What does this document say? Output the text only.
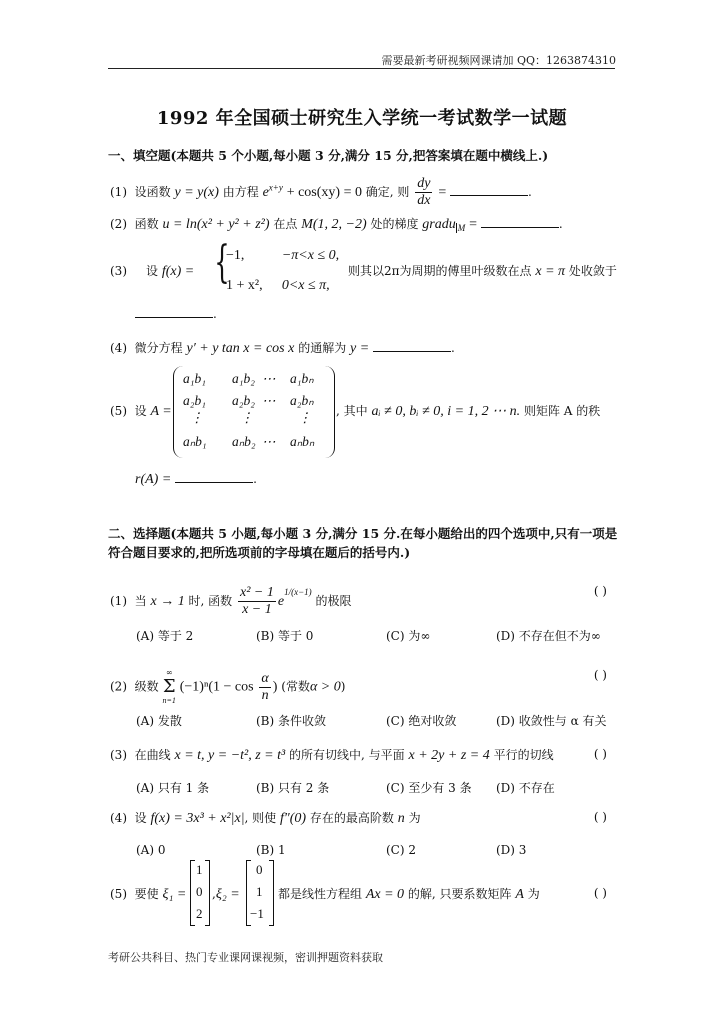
需要最新考研视频网课请加 QQ：1263874310
1992 年全国硕士研究生入学统一考试数学一试题
一、填空题(本题共 5 个小题,每小题 3 分,满分 15 分,把答案填在题中横线上.)
(1) 设函数 y = y(x) 由方程 $e^{x+y} + \cos(xy) = 0$ 确定, 则 $\frac{dy}{dx}$ =	.
(2) 函数 u = ln(x² + y² + z²) 在点 M(1, 2, −2) 处的梯度 gradu $_M$ =	.
(3) 设 f(x) = {
−1,	−π<x ≤ 0,
1 + x², 0<x ≤ π,
则其以2π为周期的傅里叶级数在点 x = π 处收敛于
.
(4) 微分方程 y′ + y tan x = cos x 的通解为 y =	.
(5) 设 A =
a₁b₁ a₁b₂ ⋯ a₁bₙ
a₂b₁ a₂b₂ ⋯ a₂bₙ
⋮	⋮	⋮
aₙb₁ aₙb₂ ⋯ aₙbₙ
, 其中 aᵢ ≠ 0, bᵢ ≠ 0, i = 1, 2 ⋯ n. 则矩阵 A 的秩
r(A) =	.
二、选择题(本题共 5 小题,每小题 3 分,满分 15 分.在每小题给出的四个选项中,只有一项是符合题目要求的,把所选项前的字母填在题后的括号内.)
(1) 当 x → 1 时, 函数 $\frac{\text{x² − 1}}{x - 1} e^{1/(x-1)}$ 的极限
( )
(A) 等于 2	(B) 等于 0	(C) 为∞	(D) 不存在但不为∞
(2) 级数
∞
Σ
n=1
$(-1)^n(1 - \cos \frac{\alpha}{n}$ ) (常数α > 0)
( )
(A) 发散	(B) 条件收敛	(C) 绝对收敛	(D) 收敛性与 α 有关
(3) 在曲线 x = t, y = −t², z = t³ 的所有切线中, 与平面 x + 2y + z = 4 平行的切线	( )
(A) 只有 1 条	(B) 只有 2 条	(C) 至少有 3 条 (D) 不存在
(4) 设 f(x) = 3x³ + x²|x|, 则使 f″(0) 存在的最高阶数 n 为	( )
(A) 0	(B) 1	(C) 2	(D) 3
(5) 要使 ξ₁ =
1
0
2
,ξ₂ =
0
1
−1
都是线性方程组 Ax = 0 的解, 只要系数矩阵 A 为	( )
考研公共科目、热门专业课网课视频，密训押题资料获取
